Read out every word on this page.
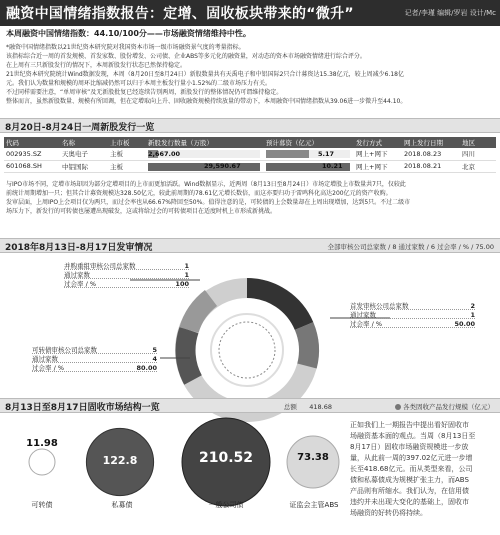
融资中国情绪指数报告：定增、固收板块带来的“微升”	记者/李瑾 编辑/罗岩 设计/Mc
本周融资中国情绪指数：44.10/100分——市场融资情绪维持中性。

*融资中国情绪指数以21世纪资本研究院对我国资本市场一级市场融资景气度的考量指标。

该指标综合近一周的首发规模、首发家数、股份增发、公司债、企业ABS等多元化的融资量，对动态的资本市场融资情绪进行综合评分。

在上周有三只新股发行的情况下，本周新股发行状态已然保持稳定。

21世纪资本研究院统计Wind数据发现，本周（8月20日至8月24日）新股数量共有天禹电子和中铝国际2只合计募资达15.38亿元，较上周减少6.18亿

元。我们认为数量和规模的周环比缩减仍然可以归于本周主板发行量小1.52%的二级市场压力有关。

不过同样需要注意，“单周审核”及无新股批复已经连续告别两周，新股发行的整体情况仍可谓维持稳定。

整体而言，虽然新股数量、规模有所回调，但在定增取向上升、固收融资规模持续放量的带动下，本周融资中国情绪指数从39.06进一步微升至44.10。

8月20日-8月24日一周新股发行一览
代码	名称	上市板	新股发行数量（万股）	预计募资（亿元）	发行方式	网上发行日期	地区
002935.SZ	天奥电子	主板	2,667.00	5.17	网上+网下	2018.08.23	四川
601068.SH	中铝国际	主板	29,590.67	10.21	网上+网下	2018.08.21	北京

与IPO市场不同，定增市场却因为部分定增项目的上市而更加活跃。Wind数据显示，近两周（8月13日至8月24日）市场定增股上市数量共7只，仅较此

前统计周期增加一只；但其合计募资规模达328.50亿元，较此前周期的78.61亿元增长数倍，而这亦要归功于雷鸣科化高达200亿元的资产收购。

发审层面，上周IPO上会项目仅为两只，而过会率也从66.67%降回至50%。值得注意的是，可转债的上会数量却在上周出现增加，达到5只。不过二级市

场压力下，新发行的可转债也屡遭出现破发，这或将给过会的可转债项目在适度时机上市形成新挑战。

2018年8月13日-8月17日发审情况	全部审核公司总家数 / 8 通过家数 / 6 过会率 / % / 75.00
并购重组审核公司总家数	1
通过家数	1
过会率 / %	100
首发审核公司总家数	2
通过家数	1
过会率 / %	50.00
可转债审核公司总家数	5
通过家数	4
过会率 / %	80.00
8月13日至8月17日固收市场结构一览	总额 418.68	各类固收产品发行规模（亿元）
11.98
122.8	210.52	73.38
可转债	私募债	一般公司债	证监会主管ABS

正如我们上一期报告中提出看好固收市

场融资基本面的观点。当周（8月13日至

8月17日）固收市场融资规模进一步放

量，从此前一周的397.02亿元进一步增

长至418.68亿元。而从类型来看，公司

债和私募债成为规模扩张主力，而ABS

产品则有所缩水。我们认为，在信用债

违约并未出现大变化的基础上，固收市

场融资的好转仍将持续。
